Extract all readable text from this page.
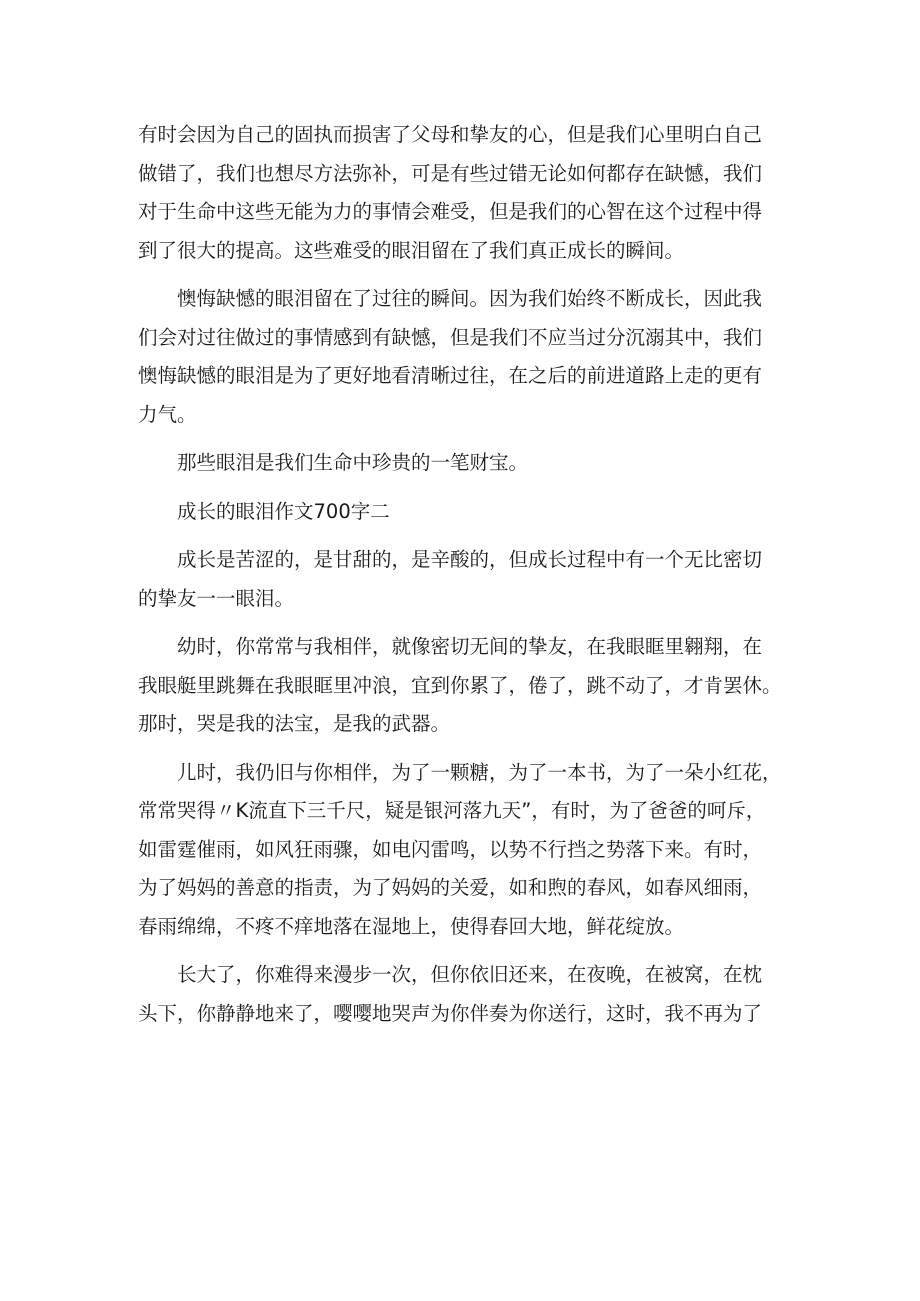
有时会因为自己的固执而损害了父母和挚友的心，但是我们心里明白自己
做错了，我们也想尽方法弥补，可是有些过错无论如何都存在缺憾，我们
对于生命中这些无能为力的事情会难受，但是我们的心智在这个过程中得
到了很大的提高。这些难受的眼泪留在了我们真正成长的瞬间。

懊悔缺憾的眼泪留在了过往的瞬间。因为我们始终不断成长，因此我
们会对过往做过的事情感到有缺憾，但是我们不应当过分沉溺其中，我们
懊悔缺憾的眼泪是为了更好地看清晰过往，在之后的前进道路上走的更有
力气。

那些眼泪是我们生命中珍贵的一笔财宝。

成长的眼泪作文700字二

成长是苦涩的，是甘甜的，是辛酸的，但成长过程中有一个无比密切
的挚友一一眼泪。

幼时，你常常与我相伴，就像密切无间的挚友，在我眼眶里翱翔，在
我眼艇里跳舞在我眼眶里冲浪，宜到你累了，倦了，跳不动了，才肯罢休。
那时，哭是我的法宝，是我的武器。

儿时，我仍旧与你相伴，为了一颗糖，为了一本书，为了一朵小红花，
常常哭得〃K流直下三千尺，疑是银河落九天”，有时，为了爸爸的呵斥，
如雷霆催雨，如风狂雨骤，如电闪雷鸣，以势不行挡之势落下来。有时，
为了妈妈的善意的指责，为了妈妈的关爱，如和煦的春风，如春风细雨，
春雨绵绵，不疼不痒地落在湿地上，使得春回大地，鲜花绽放。

长大了，你难得来漫步一次，但你依旧还来，在夜晚，在被窝，在枕
头下，你静静地来了，嘤嘤地哭声为你伴奏为你送行，这时，我不再为了
